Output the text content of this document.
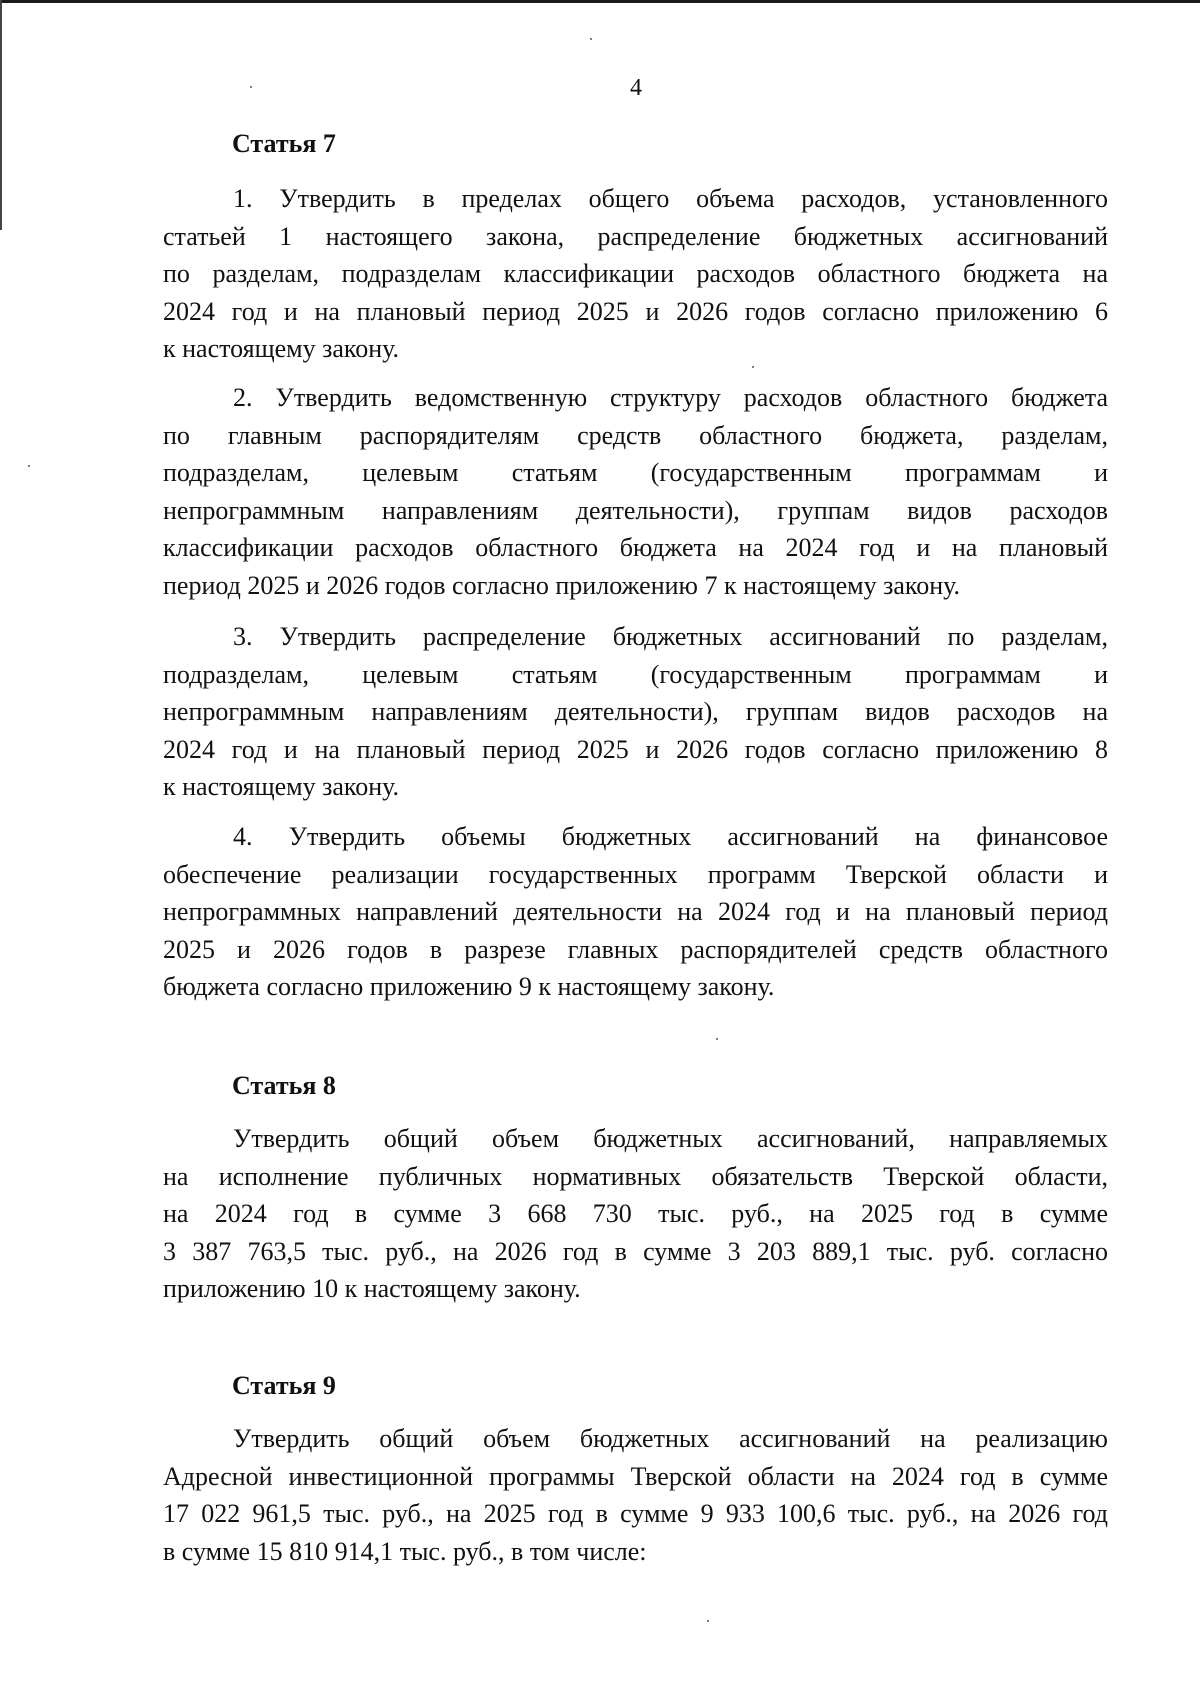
4
Статья 7

1. Утвердить в пределах общего объема расходов, установленного
статьей 1 настоящего закона, распределение бюджетных ассигнований
по разделам, подразделам классификации расходов областного бюджета на
2024 год и на плановый период 2025 и 2026 годов согласно приложению 6
к настоящему закону.

2. Утвердить ведомственную структуру расходов областного бюджета
по главным распорядителям средств областного бюджета, разделам,
подразделам, целевым статьям (государственным программам и
непрограммным направлениям деятельности), группам видов расходов
классификации расходов областного бюджета на 2024 год и на плановый
период 2025 и 2026 годов согласно приложению 7 к настоящему закону.

3. Утвердить распределение бюджетных ассигнований по разделам,
подразделам, целевым статьям (государственным программам и
непрограммным направлениям деятельности), группам видов расходов на
2024 год и на плановый период 2025 и 2026 годов согласно приложению 8
к настоящему закону.

4. Утвердить объемы бюджетных ассигнований на финансовое
обеспечение реализации государственных программ Тверской области и
непрограммных направлений деятельности на 2024 год и на плановый период
2025 и 2026 годов в разрезе главных распорядителей средств областного
бюджета согласно приложению 9 к настоящему закону.

Статья 8

Утвердить общий объем бюджетных ассигнований, направляемых
на исполнение публичных нормативных обязательств Тверской области,
на 2024 год в сумме 3 668 730 тыс. руб., на 2025 год в сумме
3 387 763,5 тыс. руб., на 2026 год в сумме 3 203 889,1 тыс. руб. согласно
приложению 10 к настоящему закону.

Статья 9

Утвердить общий объем бюджетных ассигнований на реализацию
Адресной инвестиционной программы Тверской области на 2024 год в сумме
17 022 961,5 тыс. руб., на 2025 год в сумме 9 933 100,6 тыс. руб., на 2026 год
в сумме 15 810 914,1 тыс. руб., в том числе:
